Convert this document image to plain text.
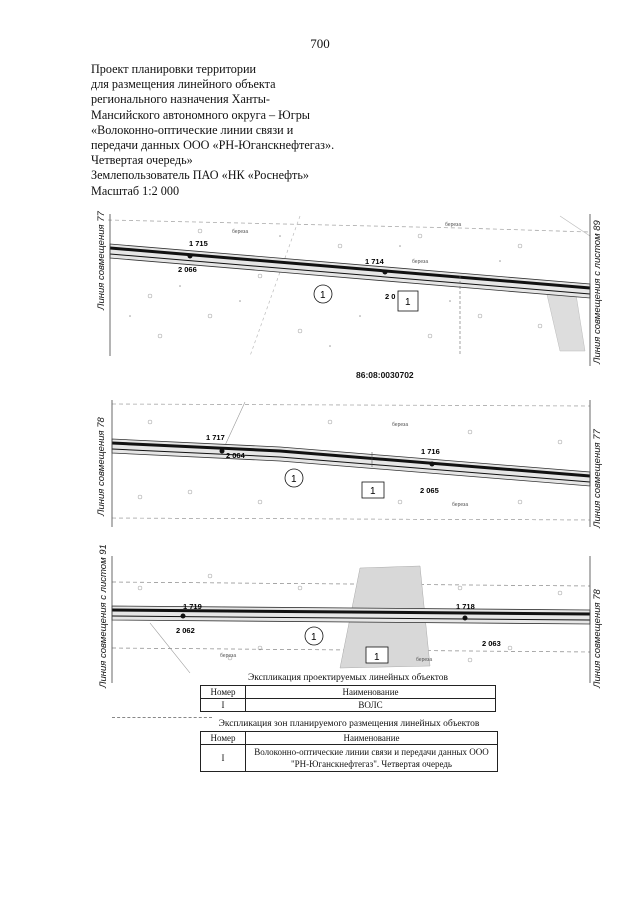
700
Проект планировки территории
для размещения линейного объекта
регионального назначения Ханты-
Мансийского автономного округа – Югры
«Волоконно-оптические линии связи и
передачи данных ООО «РН-Юганскнефтегаз».
Четвертая очередь»
Землепользователь ПАО «НК «Роснефть»
Масштаб 1:2 000
1 715
2 066
1 714
2 0
1
1
береза
береза
береза
Линия совмещения 77	Линия совмещения с листом 89
86:08:0030702
1 717
2 064	1 716
2 065
1
1
береза
береза
Линия совмещения 78	Линия совмещения 77
1 719
2 062
1 718
2 063
1
1
береза
береза
Линия совмещения с листом 91	Линия совмещения 78
Экспликация проектируемых линейных объектов
Номер	Наименование
I	ВОЛС
Экспликация зон планируемого размещения линейных объектов
Номер	Наименование
I	Волоконно-оптические линии связи и передачи данных ООО "РН-Юганскнефтегаз". Четвертая очередь
